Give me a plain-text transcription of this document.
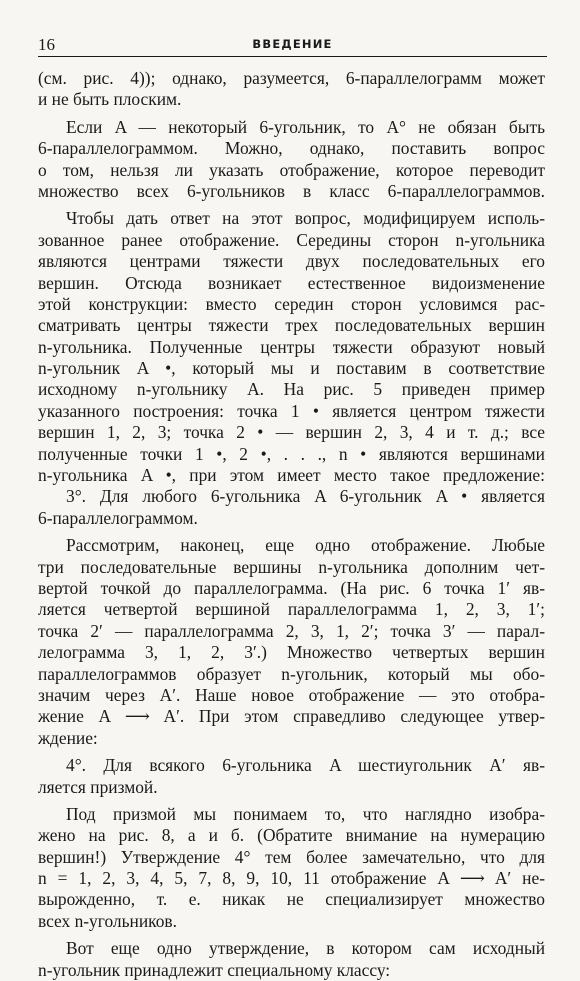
16	ВВЕДЕНИЕ
(см. рис. 4)); однако, разумеется, 6-параллелограмм может
и не быть плоским.
Если A — некоторый 6-угольник, то A° не обязан быть
6-параллелограммом. Можно, однако, поставить вопрос
о том, нельзя ли указать отображение, которое переводит
множество всех 6-угольников в класс 6-параллелограммов.
Чтобы дать ответ на этот вопрос, модифицируем исполь-
зованное ранее отображение. Середины сторон n-угольника
являются центрами тяжести двух последовательных его
вершин. Отсюда возникает естественное видоизменение
этой конструкции: вместо середин сторон условимся рас-
сматривать центры тяжести трех последовательных вершин
n-угольника. Полученные центры тяжести образуют новый
n-угольник A •, который мы и поставим в соответствие
исходному n-угольнику A. На рис. 5 приведен пример
указанного построения: точка 1 • является центром тяжести
вершин 1, 2, 3; точка 2 • — вершин 2, 3, 4 и т. д.; все
полученные точки 1 •, 2 •, . . ., n • являются вершинами
n-угольника A •, при этом имеет место такое предложение:
3°. Для любого 6-угольника A 6-угольник A • является
6-параллелограммом.
Рассмотрим, наконец, еще одно отображение. Любые
три последовательные вершины n-угольника дополним чет-
вертой точкой до параллелограмма. (На рис. 6 точка 1′ яв-
ляется четвертой вершиной параллелограмма 1, 2, 3, 1′;
точка 2′ — параллелограмма 2, 3, 1, 2′; точка 3′ — парал-
лелограмма 3, 1, 2, 3′.) Множество четвертых вершин
параллелограммов образует n-угольник, который мы обо-
значим через A′. Наше новое отображение — это отобра-
жение A ⟶ A′. При этом справедливо следующее утвер-
ждение:
4°. Для всякого 6-угольника A шестиугольник A′ яв-
ляется призмой.
Под призмой мы понимаем то, что наглядно изобра-
жено на рис. 8, а и б. (Обратите внимание на нумерацию
вершин!) Утверждение 4° тем более замечательно, что для
n = 1, 2, 3, 4, 5, 7, 8, 9, 10, 11 отображение A ⟶ A′ не-
вырожденно, т. е. никак не специализирует множество
всех n-угольников.
Вот еще одно утверждение, в котором сам исходный
n-угольник принадлежит специальному классу:
